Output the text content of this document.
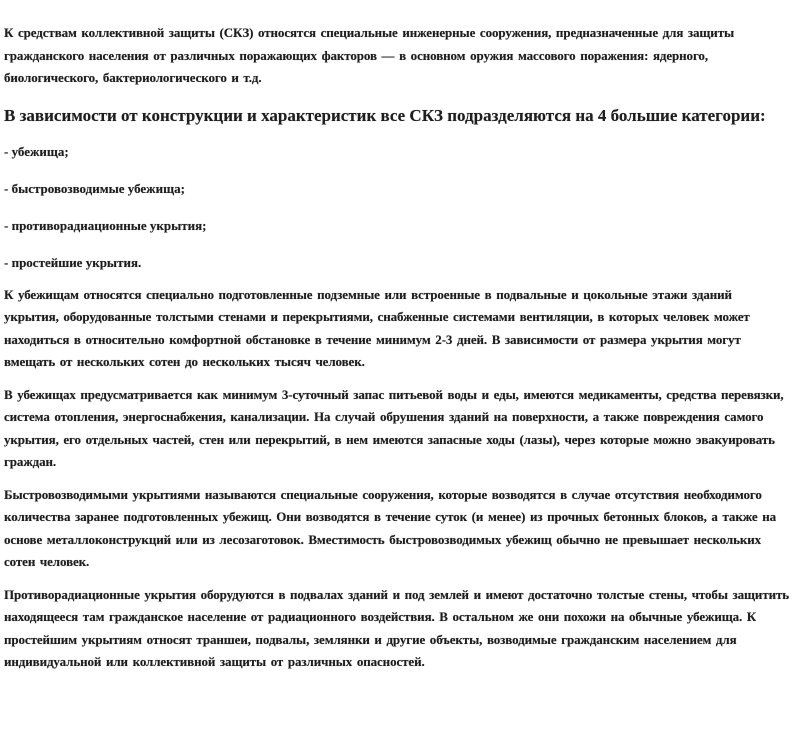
К средствам коллективной защиты (СКЗ) относятся специальные инженерные сооружения, предназначенные для защиты гражданского населения от различных поражающих факторов — в основном оружия массового поражения: ядерного, биологического, бактериологического и т.д.

В зависимости от конструкции и характеристик все СКЗ подразделяются на 4 большие категории:
- убежища;
- быстровозводимые убежища;
- противорадиационные укрытия;
- простейшие укрытия.

К убежищам относятся специально подготовленные подземные или встроенные в подвальные и цокольные этажи зданий укрытия, оборудованные толстыми стенами и перекрытиями, снабженные системами вентиляции, в которых человек может находиться в относительно комфортной обстановке в течение минимум 2-3 дней. В зависимости от размера укрытия могут вмещать от нескольких сотен до нескольких тысяч человек.

В убежищах предусматривается как минимум 3-суточный запас питьевой воды и еды, имеются медикаменты, средства перевязки, система отопления, энергоснабжения, канализации. На случай обрушения зданий на поверхности, а также повреждения самого укрытия, его отдельных частей, стен или перекрытий, в нем имеются запасные ходы (лазы), через которые можно эвакуировать граждан.

Быстровозводимыми укрытиями называются специальные сооружения, которые возводятся в случае отсутствия необходимого количества заранее подготовленных убежищ. Они возводятся в течение суток (и менее) из прочных бетонных блоков, а также на основе металлоконструкций или из лесозаготовок. Вместимость быстровозводимых убежищ обычно не превышает нескольких сотен человек.

Противорадиационные укрытия оборудуются в подвалах зданий и под землей и имеют достаточно толстые стены, чтобы защитить находящееся там гражданское население от радиационного воздействия. В остальном же они похожи на обычные убежища. К простейшим укрытиям относят траншеи, подвалы, землянки и другие объекты, возводимые гражданским населением для индивидуальной или коллективной защиты от различных опасностей.
